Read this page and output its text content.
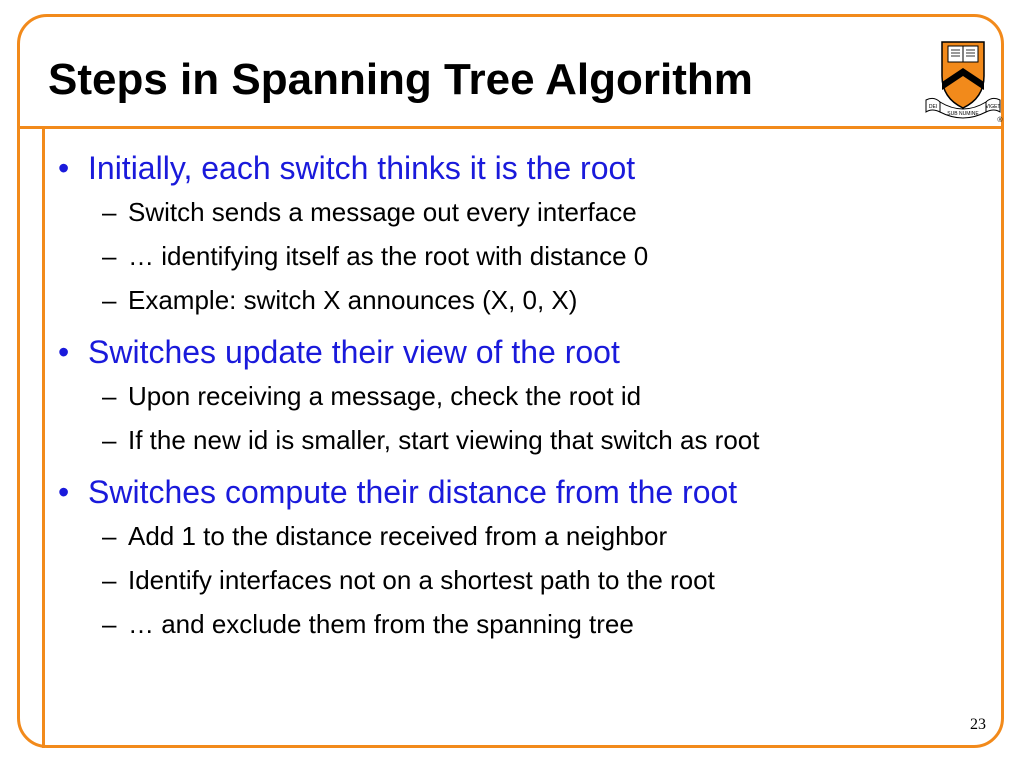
Steps in Spanning Tree Algorithm
DEI
SUB NUMINE
VIGET
®

• Initially, each switch thinks it is the root

– Switch sends a message out every interface

– … identifying itself as the root with distance 0

– Example: switch X announces (X, 0, X)

• Switches update their view of the root

– Upon receiving a message, check the root id

– If the new id is smaller, start viewing that switch as root

• Switches compute their distance from the root

– Add 1 to the distance received from a neighbor

– Identify interfaces not on a shortest path to the root

– … and exclude them from the spanning tree

23
